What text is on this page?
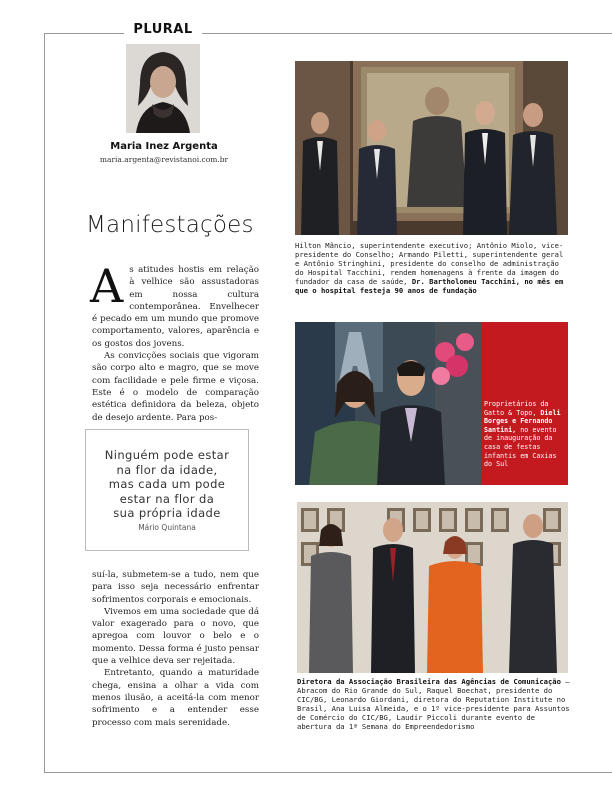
PLURAL
Maria Inez Argenta
maria.argenta@revistanoi.com.br
Manifestações

As atitudes hostis em relação à velhice são assustadoras em nossa cultura contemporânea. Envelhecer é pecado em um mundo que promove comportamento, valores, aparência e os gostos dos jovens.

As convicções sociais que vigoram são corpo alto e magro, que se move com facilidade e pele firme e viçosa. Este é o modelo de comparação estética definidora da beleza, objeto de desejo ardente. Para pos-

Ninguém pode estar
na flor da idade,
mas cada um pode
estar na flor da
sua própria idade
Mário Quintana

suí-la, submetem-se a tudo, nem que para isso seja necessário enfrentar sofrimentos corporais e emocionais.

Vivemos em uma sociedade que dá valor exagerado para o novo, que apregoa com louvor o belo e o momento. Dessa forma é justo pensar que a velhice deva ser rejeitada.

Entretanto, quando a maturidade chega, ensina a olhar a vida com menos ilusão, a aceitá-la com menor sofrimento e a entender esse processo com mais serenidade.

Hilton Mâncio, superintendente executivo; Antônio Miolo, vice-presidente do Conselho; Armando Piletti, superintendente geral e Antônio Stringhini, presidente do conselho de administração do Hospital Tacchini, rendem homenagens à frente da imagem do fundador da casa de saúde, Dr. Bartholomeu Tacchini, no mês em que o hospital festeja 90 anos de fundação
Proprietários da Gatto & Topo, Dieli Borges e Fernando Santini, no evento de inauguração da casa de festas infantis em Caxias do Sul
Diretora da Associação Brasileira das Agências de Comunicação – Abracom do Rio Grande do Sul, Raquel Boechat, presidente do CIC/BG, Leonardo Giordani, diretora do Reputation Institute no Brasil, Ana Luisa Almeida, e o 1º vice-presidente para Assuntos de Comércio do CIC/BG, Laudir Piccoli durante evento de abertura da 1ª Semana do Empreendedorismo
